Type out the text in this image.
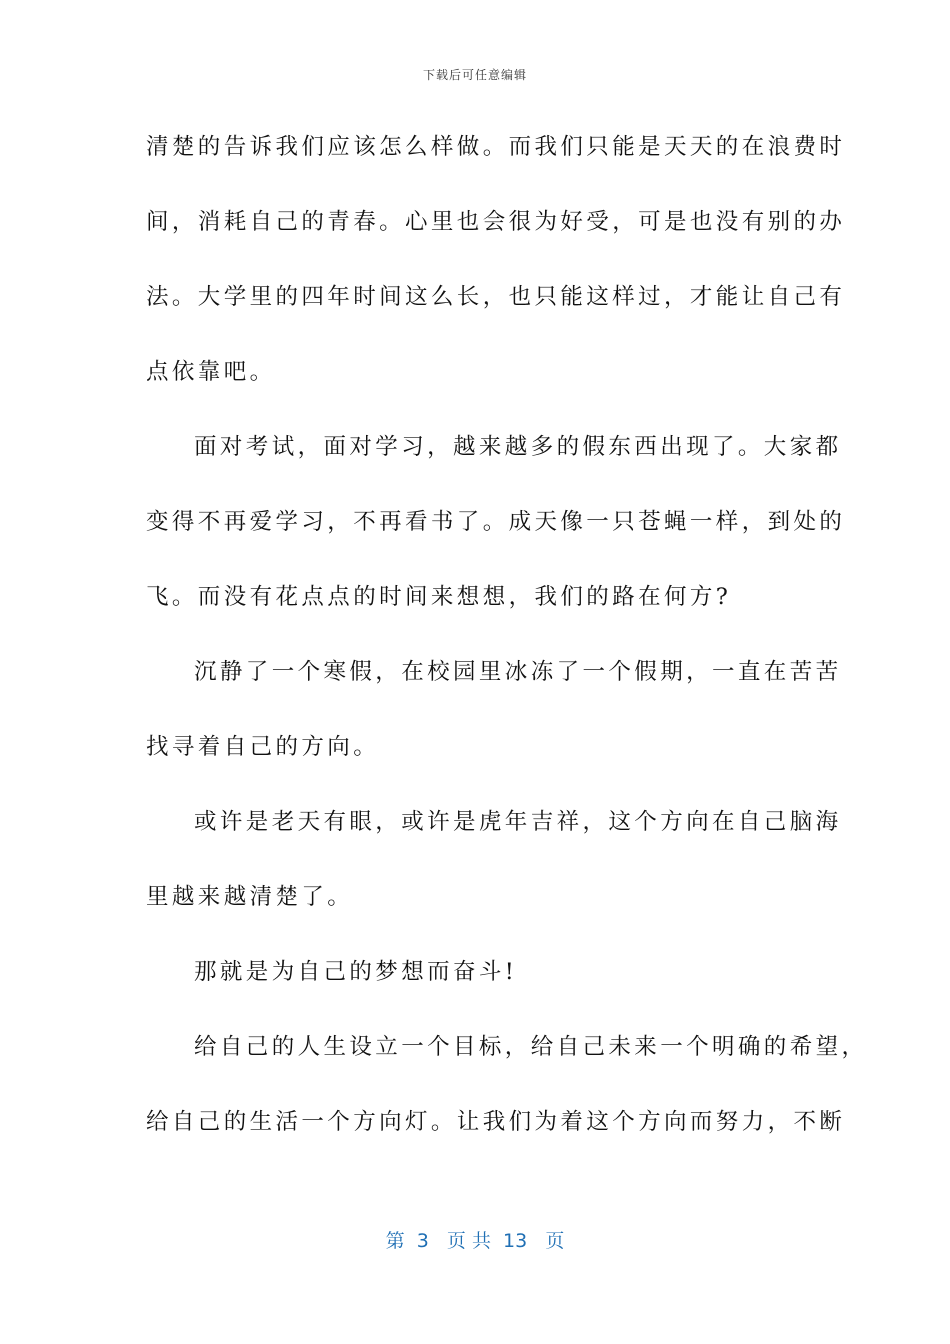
下载后可任意编辑
清楚的告诉我们应该怎么样做。而我们只能是天天的在浪费时
间，消耗自己的青春。心里也会很为好受，可是也没有别的办
法。大学里的四年时间这么长，也只能这样过，才能让自己有
点依靠吧。
面对考试，面对学习，越来越多的假东西出现了。大家都
变得不再爱学习，不再看书了。成天像一只苍蝇一样，到处的
飞。而没有花点点的时间来想想，我们的路在何方?
沉静了一个寒假，在校园里冰冻了一个假期，一直在苦苦
找寻着自己的方向。
或许是老天有眼，或许是虎年吉祥，这个方向在自己脑海
里越来越清楚了。
那就是为自己的梦想而奋斗!
给自己的人生设立一个目标，给自己未来一个明确的希望，
给自己的生活一个方向灯。让我们为着这个方向而努力，不断
第  3   页 共  13   页
